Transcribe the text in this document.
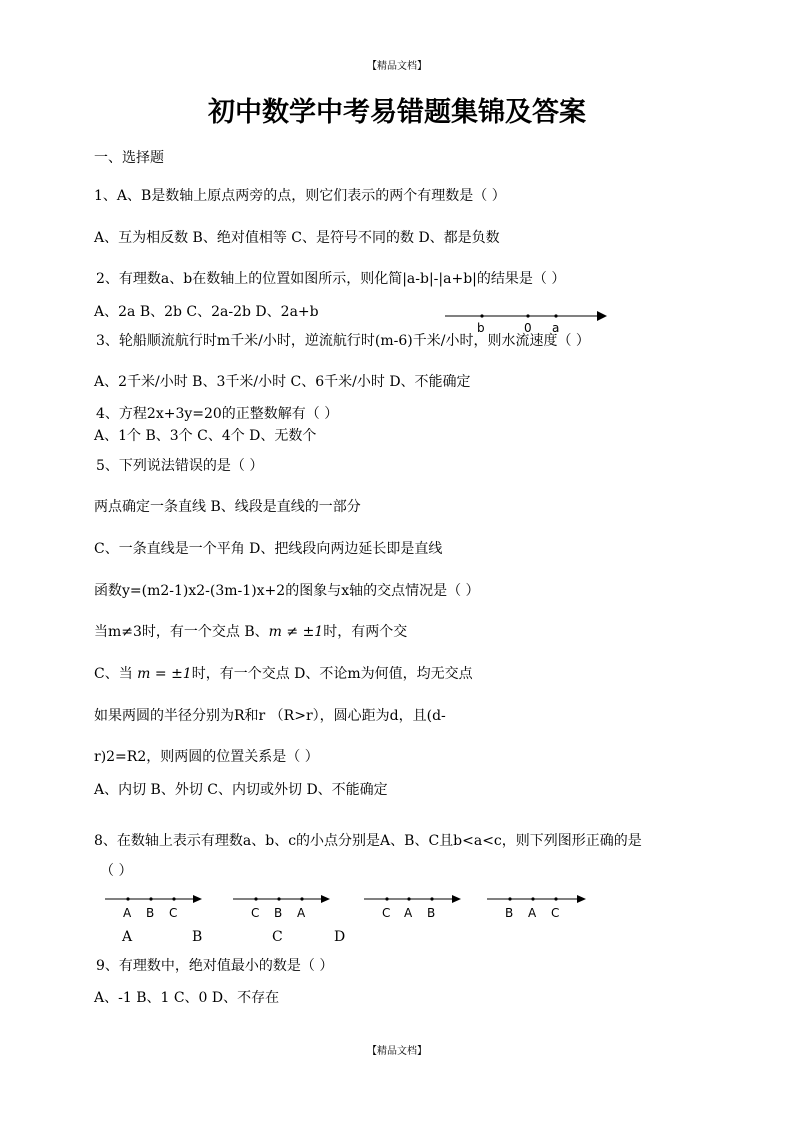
【精品文档】
初中数学中考易错题集锦及答案
一、选择题
1、A、B是数轴上原点两旁的点，则它们表示的两个有理数是（ ）
A、互为相反数 B、绝对值相等 C、是符号不同的数 D、都是负数
2、有理数a、b在数轴上的位置如图所示，则化简|a-b|-|a+b|的结果是（ ）
A、2a B、2b C、2a-2b D、2a+b
b	0 a
3、轮船顺流航行时m千米/小时，逆流航行时(m-6)千米/小时，则水流速度（ ）
A、2千米/小时 B、3千米/小时 C、6千米/小时 D、不能确定
4、方程2x+3y=20的正整数解有（ ）
A、1个 B、3个 C、4个 D、无数个
5、下列说法错误的是（ ）
两点确定一条直线 B、线段是直线的一部分
C、一条直线是一个平角 D、把线段向两边延长即是直线
函数y=(m2-1)x2-(3m-1)x+2的图象与x轴的交点情况是（ ）
当m≠3时，有一个交点 B、m ≠ ±1时，有两个交
C、当 m = ±1时，有一个交点 D、不论m为何值，均无交点
如果两圆的半径分别为R和r （R>r），圆心距为d，且(d-
r)2=R2，则两圆的位置关系是（ ）
A、内切 B、外切 C、内切或外切 D、不能确定
8、在数轴上表示有理数a、b、c的小点分别是A、B、C且b<a<c，则下列图形正确的是
（ ）
A B C	C B A	C A B	B A C
A	B	C	D
9、有理数中，绝对值最小的数是（ ）
A、-1 B、1 C、0 D、不存在
【精品文档】
